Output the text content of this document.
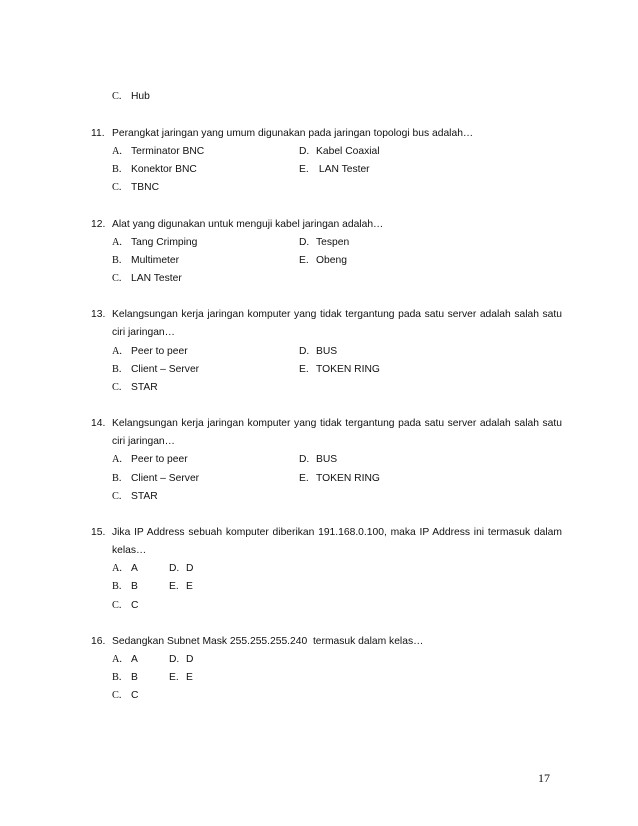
C. Hub
11. Perangkat jaringan yang umum digunakan pada jaringan topologi bus adalah…
A. Terminator BNC	D. Kabel Coaxial
B. Konektor BNC	E. LAN Tester
C. TBNC
12. Alat yang digunakan untuk menguji kabel jaringan adalah…
A. Tang Crimping	D. Tespen
B. Multimeter	E. Obeng
C. LAN Tester
13. Kelangsungan kerja jaringan komputer yang tidak tergantung pada satu server adalah salah satu
ciri jaringan…
A. Peer to peer	D. BUS
B. Client – Server	E. TOKEN RING
C. STAR
14. Kelangsungan kerja jaringan komputer yang tidak tergantung pada satu server adalah salah satu
ciri jaringan…
A. Peer to peer	D. BUS
B. Client – Server	E. TOKEN RING
C. STAR
15. Jika IP Address sebuah komputer diberikan 191.168.0.100, maka IP Address ini termasuk dalam
kelas…
A. A	D. D
B. B	E. E
C. C
16. Sedangkan Subnet Mask 255.255.255.240  termasuk dalam kelas…
A. A	D. D
B. B	E. E
C. C
17
